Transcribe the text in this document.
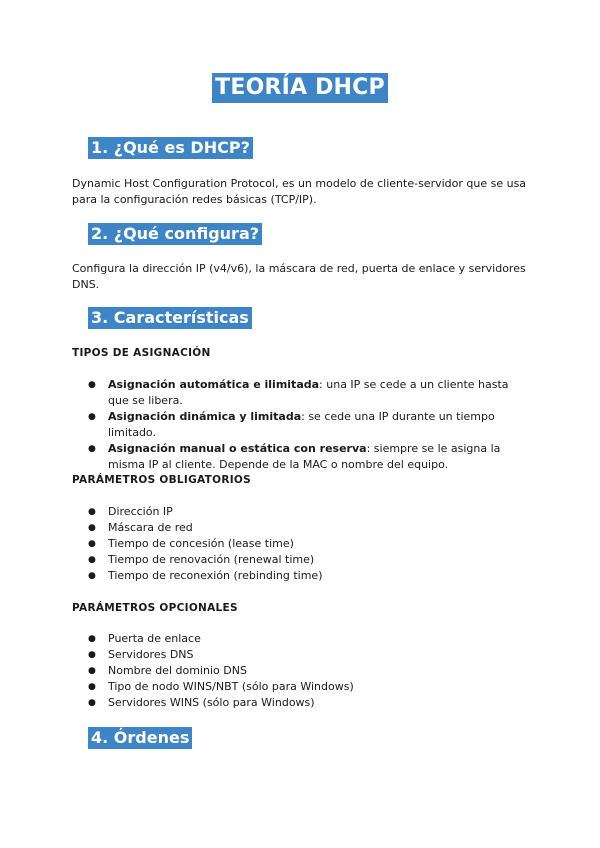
TEORÍA DHCP
1. ¿Qué es DHCP?
Dynamic Host Configuration Protocol, es un modelo de cliente-servidor que se usa para la configuración redes básicas (TCP/IP).
2. ¿Qué configura?
Configura la dirección IP (v4/v6), la máscara de red, puerta de enlace y servidores DNS.
3. Características
TIPOS DE ASIGNACIÓN
● Asignación automática e ilimitada: una IP se cede a un cliente hasta que se libera.
● Asignación dinámica y limitada: se cede una IP durante un tiempo limitado.
● Asignación manual o estática con reserva: siempre se le asigna la misma IP al cliente. Depende de la MAC o nombre del equipo.
PARÁMETROS OBLIGATORIOS
● Dirección IP
● Máscara de red
● Tiempo de concesión (lease time)
● Tiempo de renovación (renewal time)
● Tiempo de reconexión (rebinding time)
PARÁMETROS OPCIONALES
● Puerta de enlace
● Servidores DNS
● Nombre del dominio DNS
● Tipo de nodo WINS/NBT (sólo para Windows)
● Servidores WINS (sólo para Windows)
4. Órdenes
